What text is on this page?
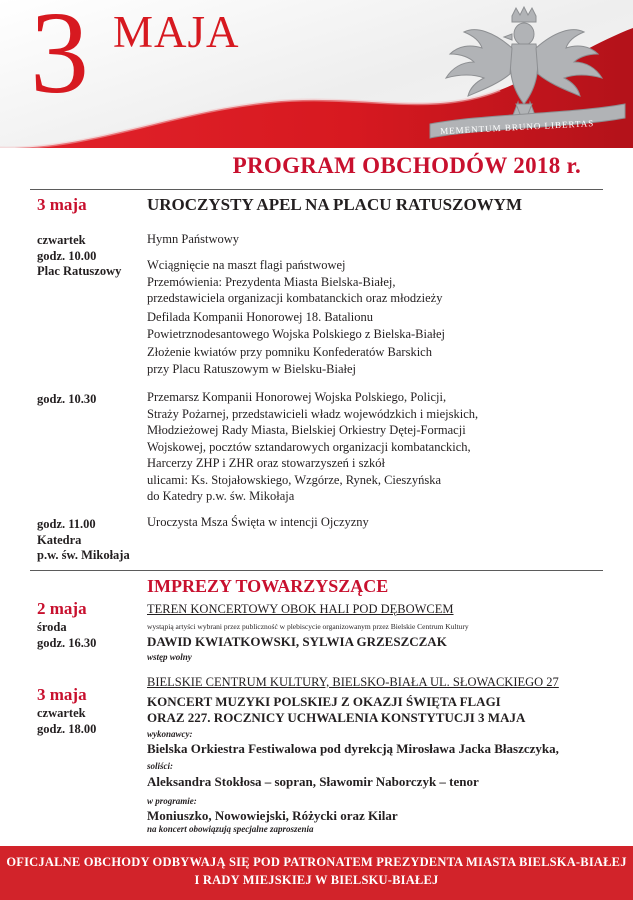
3 MAJA
MEMENTUM BRUNO LIBERTAS
PROGRAM OBCHODÓW 2018 r.
3 maja	UROCZYSTY APEL NA PLACU RATUSZOWYM
czwartek
godz. 10.00
Plac Ratuszowy
Hymn Państwowy
Wciągnięcie na maszt flagi państwowej
Przemówienia: Prezydenta Miasta Bielska-Białej,
przedstawiciela organizacji kombatanckich oraz młodzieży
Defilada Kompanii Honorowej 18. Batalionu
Powietrznodesantowego Wojska Polskiego z Bielska-Białej
Złożenie kwiatów przy pomniku Konfederatów Barskich
przy Placu Ratuszowym w Bielsku-Białej
godz. 10.30	Przemarsz Kompanii Honorowej Wojska Polskiego, Policji,
Straży Pożarnej, przedstawicieli władz wojewódzkich i miejskich,
Młodzieżowej Rady Miasta, Bielskiej Orkiestry Dętej-Formacji
Wojskowej, pocztów sztandarowych organizacji kombatanckich,
Harcerzy ZHP i ZHR oraz stowarzyszeń i szkół
ulicami: Ks. Stojałowskiego, Wzgórze, Rynek, Cieszyńska
do Katedry p.w. św. Mikołaja
godz. 11.00
Katedra
p.w. św. Mikołaja
Uroczysta Msza Święta w intencji Ojczyzny
IMPREZY TOWARZYSZĄCE
2 maja
środa
godz. 16.30
TEREN KONCERTOWY OBOK HALI POD DĘBOWCEM
wystąpią artyści wybrani przez publiczność w plebiscycie organizowanym przez Bielskie Centrum Kultury
DAWID KWIATKOWSKI, SYLWIA GRZESZCZAK
wstęp wolny
BIELSKIE CENTRUM KULTURY, BIELSKO-BIAŁA UL. SŁOWACKIEGO 27
3 maja
czwartek
godz. 18.00
KONCERT MUZYKI POLSKIEJ Z OKAZJI ŚWIĘTA FLAGI
ORAZ 227. ROCZNICY UCHWALENIA KONSTYTUCJI 3 MAJA
wykonawcy:
Bielska Orkiestra Festiwalowa pod dyrekcją Mirosława Jacka Błaszczyka,
soliści:
Aleksandra Stokłosa – sopran, Sławomir Naborczyk – tenor
w programie:
Moniuszko, Nowowiejski, Różycki oraz Kilar
na koncert obowiązują specjalne zaproszenia
OFICJALNE OBCHODY ODBYWAJĄ SIĘ POD PATRONATEM PREZYDENTA MIASTA BIELSKA-BIAŁEJ
I RADY MIEJSKIEJ W BIELSKU-BIAŁEJ
